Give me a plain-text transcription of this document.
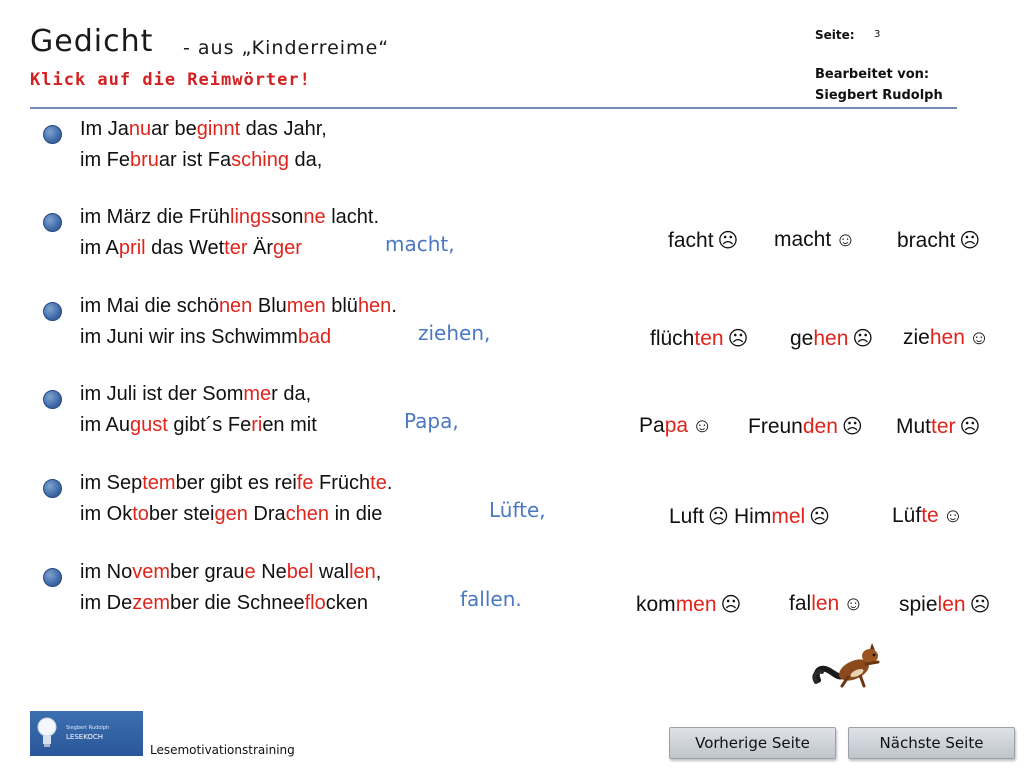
Gedicht - aus „Kinderreime“
Klick auf die Reimwörter!
Seite: 3
Bearbeitet von:
Siegbert Rudolph
Im Januar beginnt das Jahr,
im Februar ist Fasching da,
im März die Frühlingssonne lacht.
im April das Wetter Ärger	macht,
im Mai die schönen Blumen blühen.
im Juni wir ins Schwimmbad	ziehen,
im Juli ist der Sommer da,
im August gibt´s Ferien mit	Papa,
im September gibt es reife Früchte.
im Oktober steigen Drachen in die	Lüfte,
im November graue Nebel wallen,
im Dezember die Schneeflocken	fallen.
facht ☹ macht ☺ bracht ☹
flüchten ☹ gehen ☹ ziehen ☺
Papa ☺ Freunden ☹ Mutter ☹
Luft ☹ Himmel ☹	Lüfte ☺
kommen ☹ fallen ☺ spielen ☹
Siegbert Rudolph
LESEKOCH
Lesemotivationstraining	Vorherige Seite	Nächste Seite
